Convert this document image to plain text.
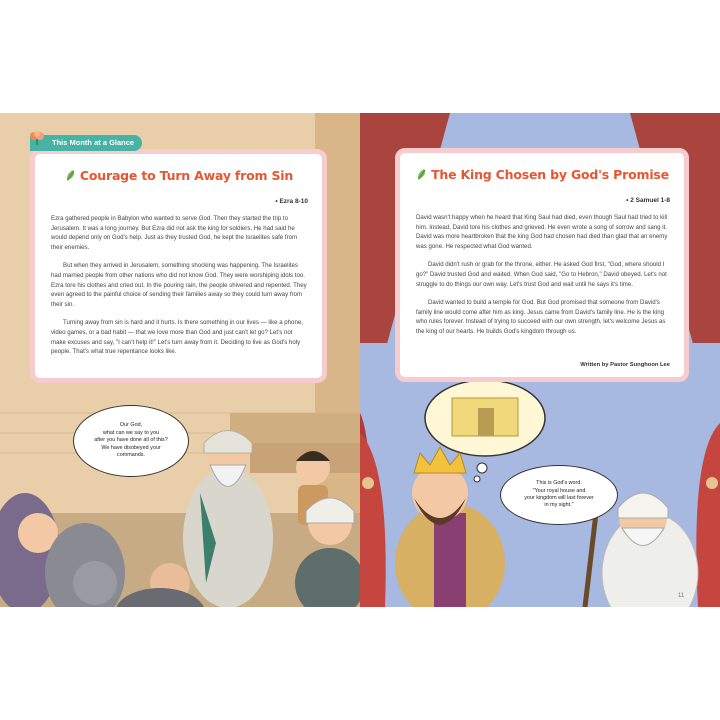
Our God,
what can we say to you
after you have done all of this?
We have disobeyed your
commands.
10
This is God's word.
"Your royal house and
your kingdom will last forever
in my sight."
11
This Month at a Glance
Courage to Turn Away from Sin
• Ezra 8-10

Ezra gathered people in Babylon who wanted to serve God. Then they started the trip to Jerusalem. It was a long journey. But Ezra did not ask the king for soldiers. He had said he would depend only on God's help. Just as they trusted God, he kept the Israelites safe from their enemies.

But when they arrived in Jerusalem, something shocking was happening. The Israelites had married people from other nations who did not know God. They were worshiping idols too. Ezra tore his clothes and cried out. In the pouring rain, the people shivered and repented. They even agreed to the painful choice of sending their families away so they could turn away from their sin.

Turning away from sin is hard and it hurts. Is there something in our lives — like a phone, video games, or a bad habit — that we love more than God and just can't let go? Let's not make excuses and say, "I can't help it!" Let's turn away from it. Deciding to live as God's holy people. That's what true repentance looks like.

The King Chosen by God's Promise
• 2 Samuel 1-8

David wasn't happy when he heard that King Saul had died, even though Saul had tried to kill him. Instead, David tore his clothes and grieved. He even wrote a song of sorrow and sang it. David was more heartbroken that the king God had chosen had died than glad that an enemy was gone. He respected what God wanted.

David didn't rush or grab for the throne, either. He asked God first, "God, where should I go?" David trusted God and waited. When God said, "Go to Hebron," David obeyed. Let's not struggle to do things our own way. Let's trust God and wait until he says it's time.

David wanted to build a temple for God. But God promised that someone from David's family line would come after him as king. Jesus came from David's family line. He is the king who rules forever. Instead of trying to succeed with our own strength, let's welcome Jesus as the king of our hearts. He builds God's kingdom through us.

Written by Pastor Sunghoon Lee
